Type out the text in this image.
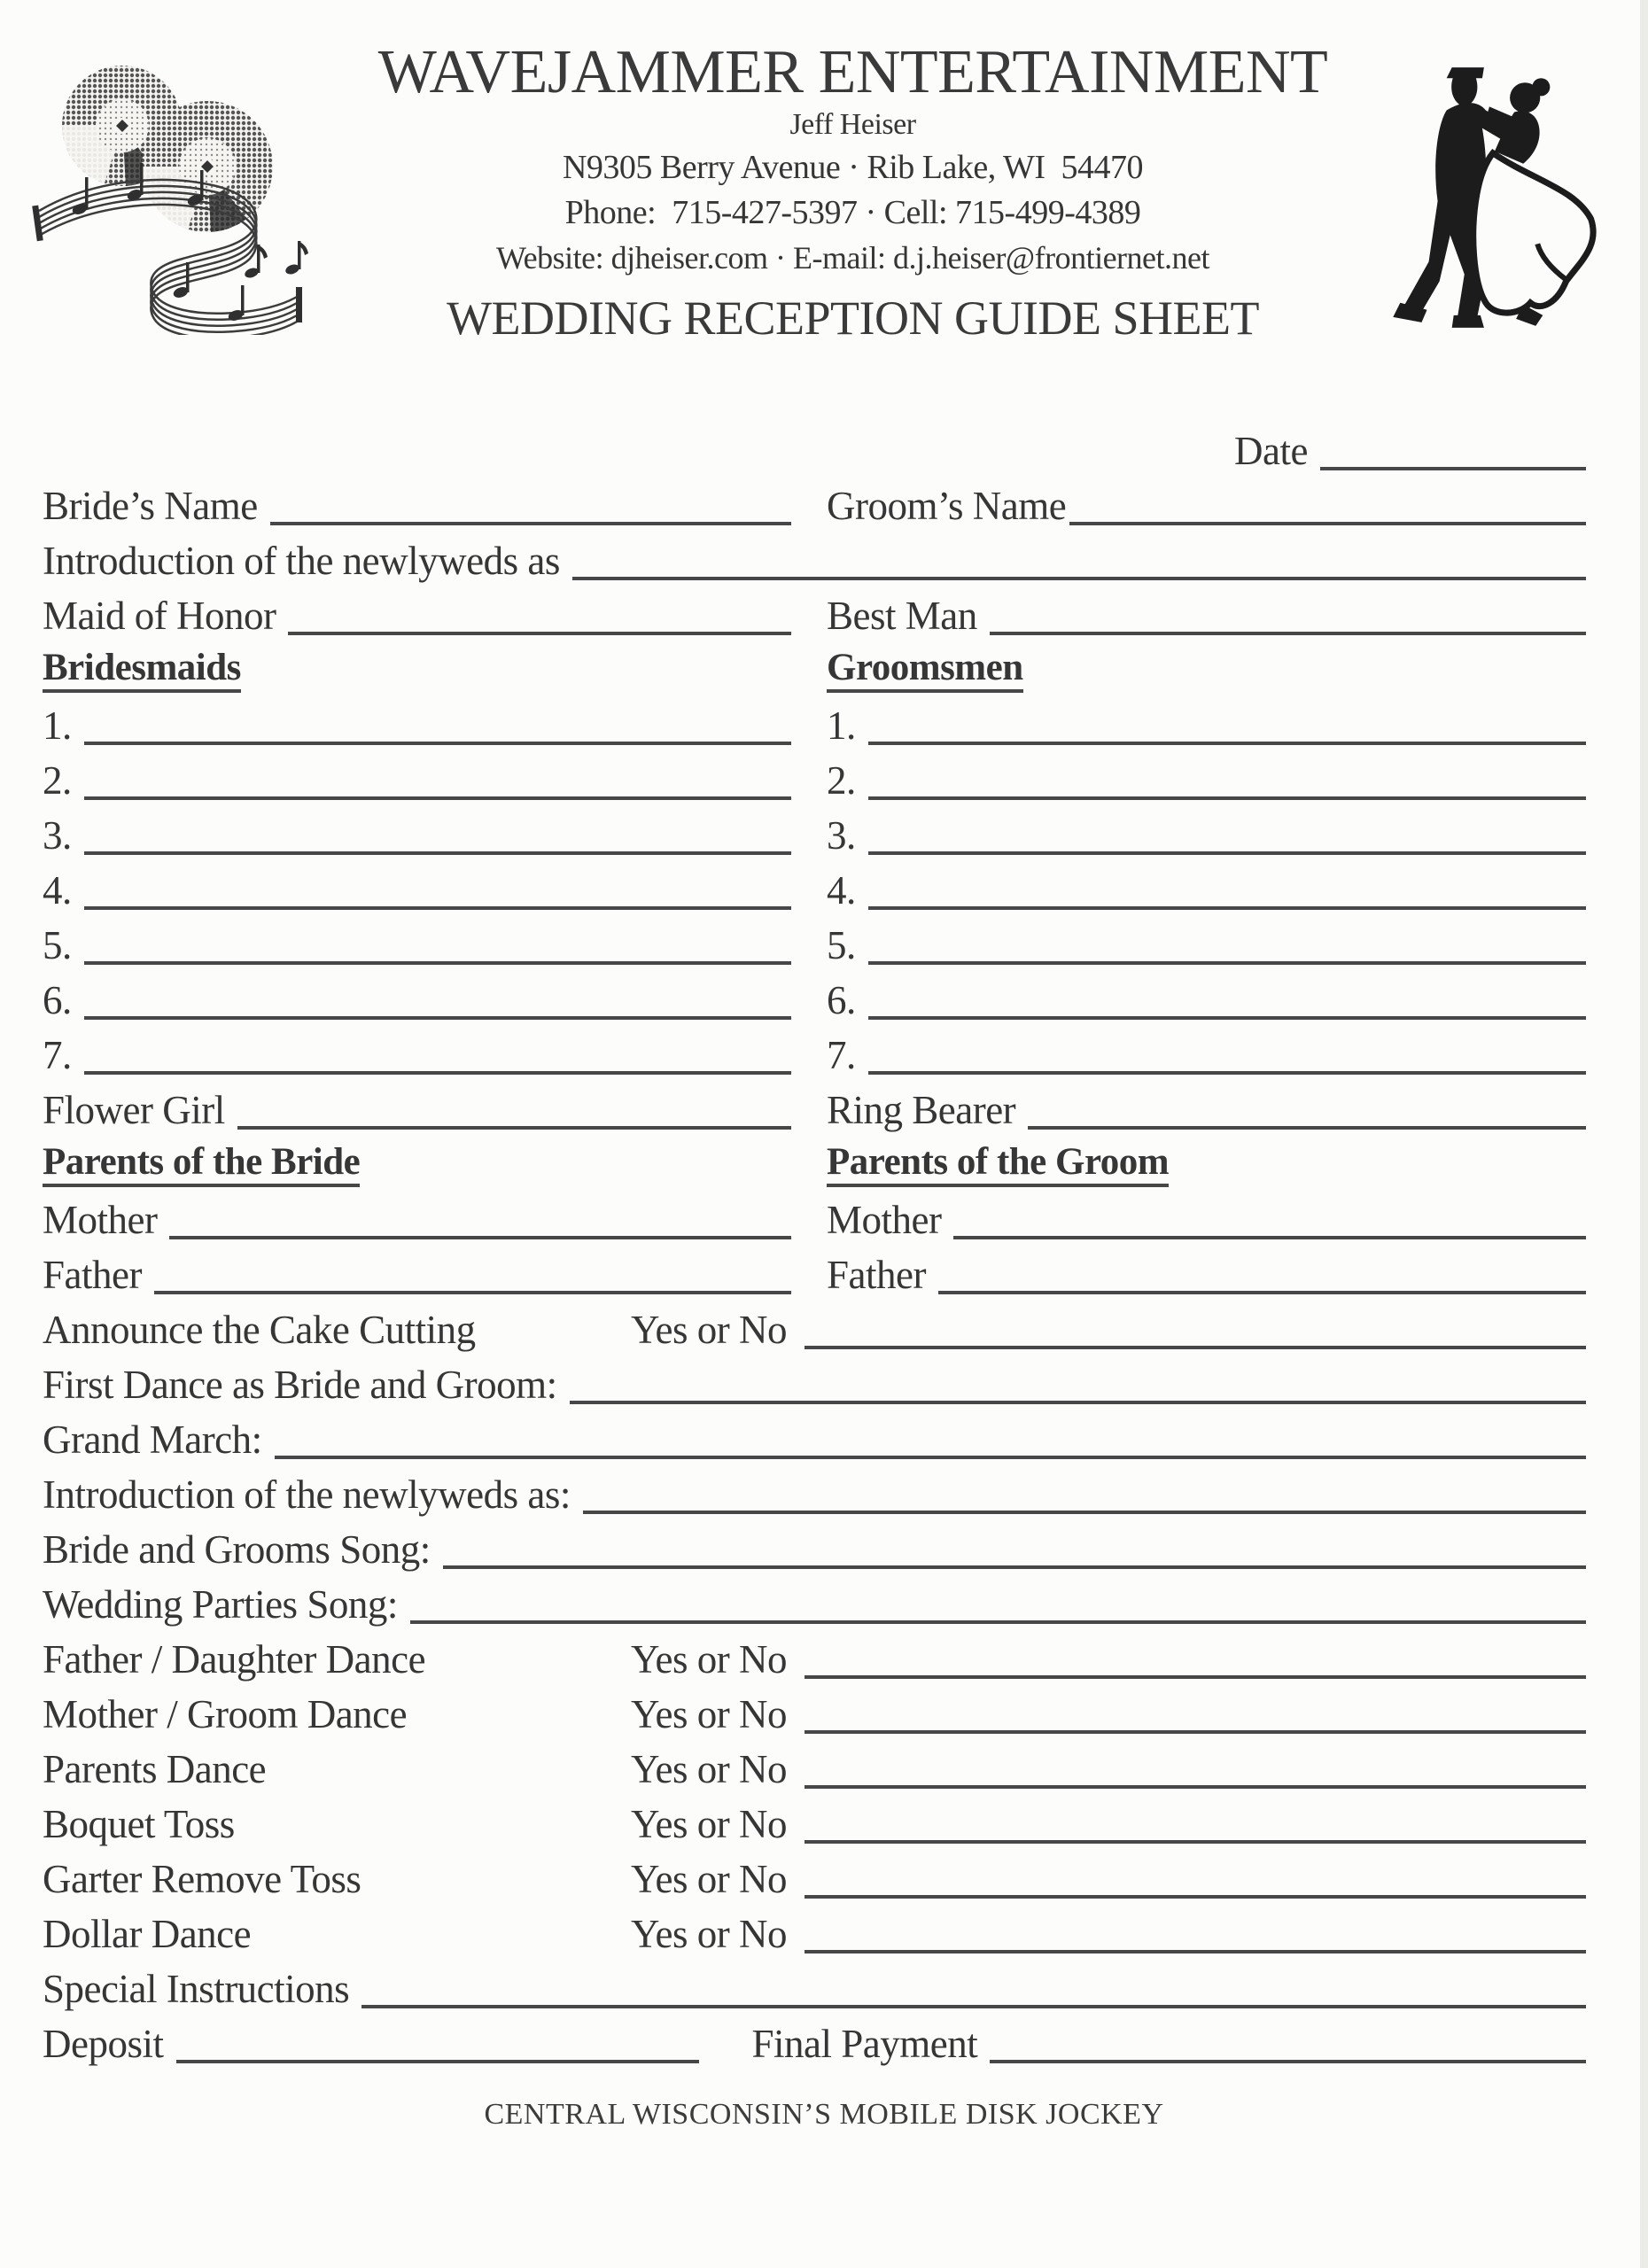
WAVEJAMMER ENTERTAINMENT
Jeff Heiser
N9305 Berry Avenue · Rib Lake, WI  54470
Phone:  715-427-5397 · Cell: 715-499-4389
Website: djheiser.com · E-mail: d.j.heiser@frontiernet.net
WEDDING RECEPTION GUIDE SHEET
Date
Bride’s Name	Groom’s Name
Introduction of the newlyweds as
Maid of Honor	Best Man
Bridesmaids	Groomsmen
1.	1.
2.	2.
3.	3.
4.	4.
5.	5.
6.	6.
7.	7.
Flower Girl	Ring Bearer
Parents of the Bride	Parents of the Groom
Mother	Mother
Father	Father
Announce the Cake Cutting	Yes or No
First Dance as Bride and Groom:
Grand March:
Introduction of the newlyweds as:
Bride and Grooms Song:
Wedding Parties Song:
Father / Daughter Dance	Yes or No
Mother / Groom Dance	Yes or No
Parents Dance	Yes or No
Boquet Toss	Yes or No
Garter Remove Toss	Yes or No
Dollar Dance	Yes or No
Special Instructions
Deposit	Final Payment
CENTRAL WISCONSIN’S MOBILE DISK JOCKEY
